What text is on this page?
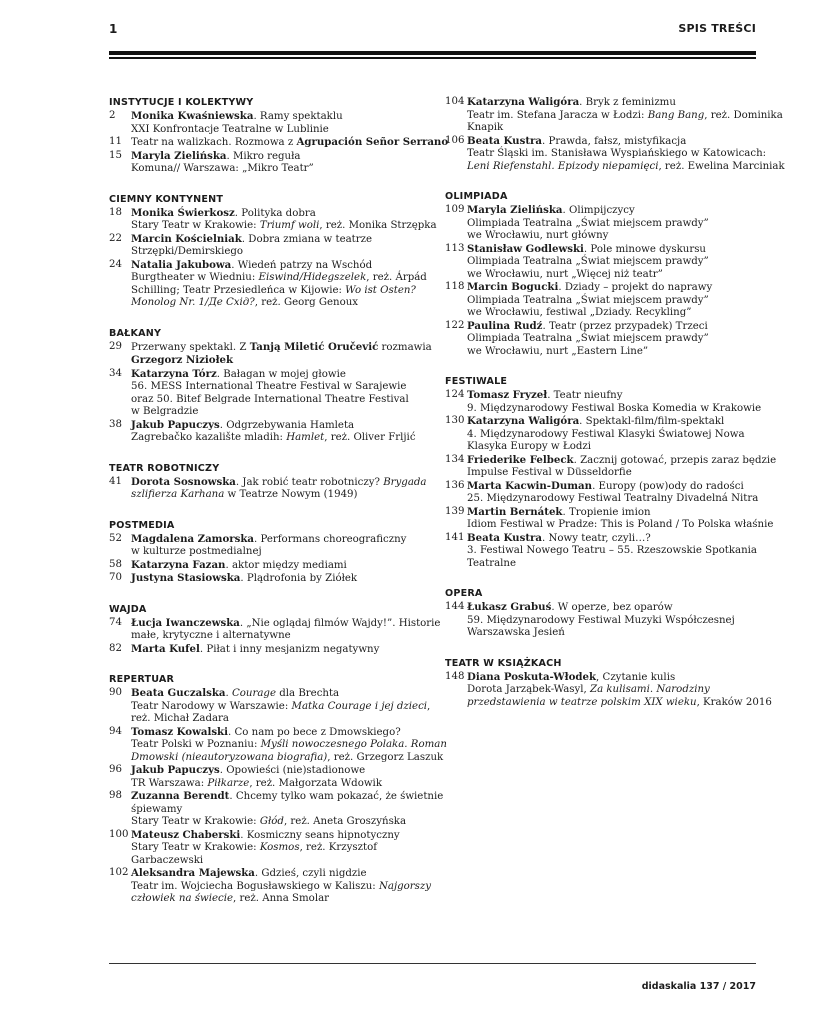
1	SPIS TREŚCI
INSTYTUCJE I KOLEKTYWY
2	Monika Kwaśniewska. Ramy spektaklu
XXI Konfrontacje Teatralne w Lublinie
11 Teatr na walizkach. Rozmowa z Agrupación Señor Serrano
15 Maryla Zielińska. Mikro reguła
Komuna// Warszawa: „Mikro Teatr”
CIEMNY KONTYNENT
18 Monika Świerkosz. Polityka dobra
Stary Teatr w Krakowie: Triumf woli, reż. Monika Strzępka
22 Marcin Kościelniak. Dobra zmiana w teatrze
Strzępki/Demirskiego
24 Natalia Jakubowa. Wiedeń patrzy na Wschód
Burgtheater w Wiedniu: Eiswind/Hidegszelek, reż. Árpád
Schilling; Teatr Przesiedleńca w Kijowie: Wo ist Osten?
Monolog Nr. 1/Де Схід?, reż. Georg Genoux
BAŁKANY
29 Przerwany spektakl. Z Tanją Miletić Oručević rozmawia
Grzegorz Niziołek
34 Katarzyna Tórz. Bałagan w mojej głowie
56. MESS International Theatre Festival w Sarajewie
oraz 50. Bitef Belgrade International Theatre Festival
w Belgradzie
38 Jakub Papuczys. Odgrzebywania Hamleta
Zagrebačko kazalište mladih: Hamlet, reż. Oliver Frljić
TEATR ROBOTNICZY
41 Dorota Sosnowska. Jak robić teatr robotniczy? Brygada
szlifierza Karhana w Teatrze Nowym (1949)
POSTMEDIA
52 Magdalena Zamorska. Performans choreograficzny
w kulturze postmedialnej
58 Katarzyna Fazan. aktor między mediami
70 Justyna Stasiowska. Plądrofonia by Ziółek
WAJDA
74 Łucja Iwanczewska. „Nie oglądaj filmów Wajdy!”. Historie
małe, krytyczne i alternatywne
82 Marta Kufel. Piłat i inny mesjanizm negatywny
REPERTUAR
90 Beata Guczalska. Courage dla Brechta
Teatr Narodowy w Warszawie: Matka Courage i jej dzieci,
reż. Michał Zadara
94 Tomasz Kowalski. Co nam po bece z Dmowskiego?
Teatr Polski w Poznaniu: Myśli nowoczesnego Polaka. Roman
Dmowski (nieautoryzowana biografia), reż. Grzegorz Laszuk
96 Jakub Papuczys. Opowieści (nie)stadionowe
TR Warszawa: Piłkarze, reż. Małgorzata Wdowik
98 Zuzanna Berendt. Chcemy tylko wam pokazać, że świetnie
śpiewamy
Stary Teatr w Krakowie: Głód, reż. Aneta Groszyńska
100 Mateusz Chaberski. Kosmiczny seans hipnotyczny
Stary Teatr w Krakowie: Kosmos, reż. Krzysztof
Garbaczewski
102 Aleksandra Majewska. Gdzieś, czyli nigdzie
Teatr im. Wojciecha Bogusławskiego w Kaliszu: Najgorszy
człowiek na świecie, reż. Anna Smolar
104 Katarzyna Waligóra. Bryk z feminizmu
Teatr im. Stefana Jaracza w Łodzi: Bang Bang, reż. Dominika
Knapik
106 Beata Kustra. Prawda, fałsz, mistyfikacja
Teatr Śląski im. Stanisława Wyspiańskiego w Katowicach:
Leni Riefenstahl. Epizody niepamięci, reż. Ewelina Marciniak
OLIMPIADA
109 Maryla Zielińska. Olimpijczycy
Olimpiada Teatralna „Świat miejscem prawdy”
we Wrocławiu, nurt główny
113 Stanisław Godlewski. Pole minowe dyskursu
Olimpiada Teatralna „Świat miejscem prawdy”
we Wrocławiu, nurt „Więcej niż teatr”
118 Marcin Bogucki. Dziady – projekt do naprawy
Olimpiada Teatralna „Świat miejscem prawdy”
we Wrocławiu, festiwal „Dziady. Recykling”
122 Paulina Rudź. Teatr (przez przypadek) Trzeci
Olimpiada Teatralna „Świat miejscem prawdy”
we Wrocławiu, nurt „Eastern Line”
FESTIWALE
124 Tomasz Fryzeł. Teatr nieufny
9. Międzynarodowy Festiwal Boska Komedia w Krakowie
130 Katarzyna Waligóra. Spektakl-film/film-spektakl
4. Międzynarodowy Festiwal Klasyki Światowej Nowa
Klasyka Europy w Łodzi
134 Friederike Felbeck. Zacznij gotować, przepis zaraz będzie
Impulse Festival w Düsseldorfie
136 Marta Kacwin-Duman. Europy (pow)ody do radości
25. Międzynarodowy Festiwal Teatralny Divadelná Nitra
139 Martin Bernátek. Tropienie imion
Idiom Festiwal w Pradze: This is Poland / To Polska właśnie
141 Beata Kustra. Nowy teatr, czyli…?
3. Festiwal Nowego Teatru – 55. Rzeszowskie Spotkania
Teatralne
OPERA
144 Łukasz Grabuś. W operze, bez oparów
59. Międzynarodowy Festiwal Muzyki Współczesnej
Warszawska Jesień
TEATR W KSIĄŻKACH
148 Diana Poskuta-Włodek, Czytanie kulis
Dorota Jarząbek-Wasyl, Za kulisami. Narodziny
przedstawienia w teatrze polskim XIX wieku, Kraków 2016
didaskalia 137 / 2017
